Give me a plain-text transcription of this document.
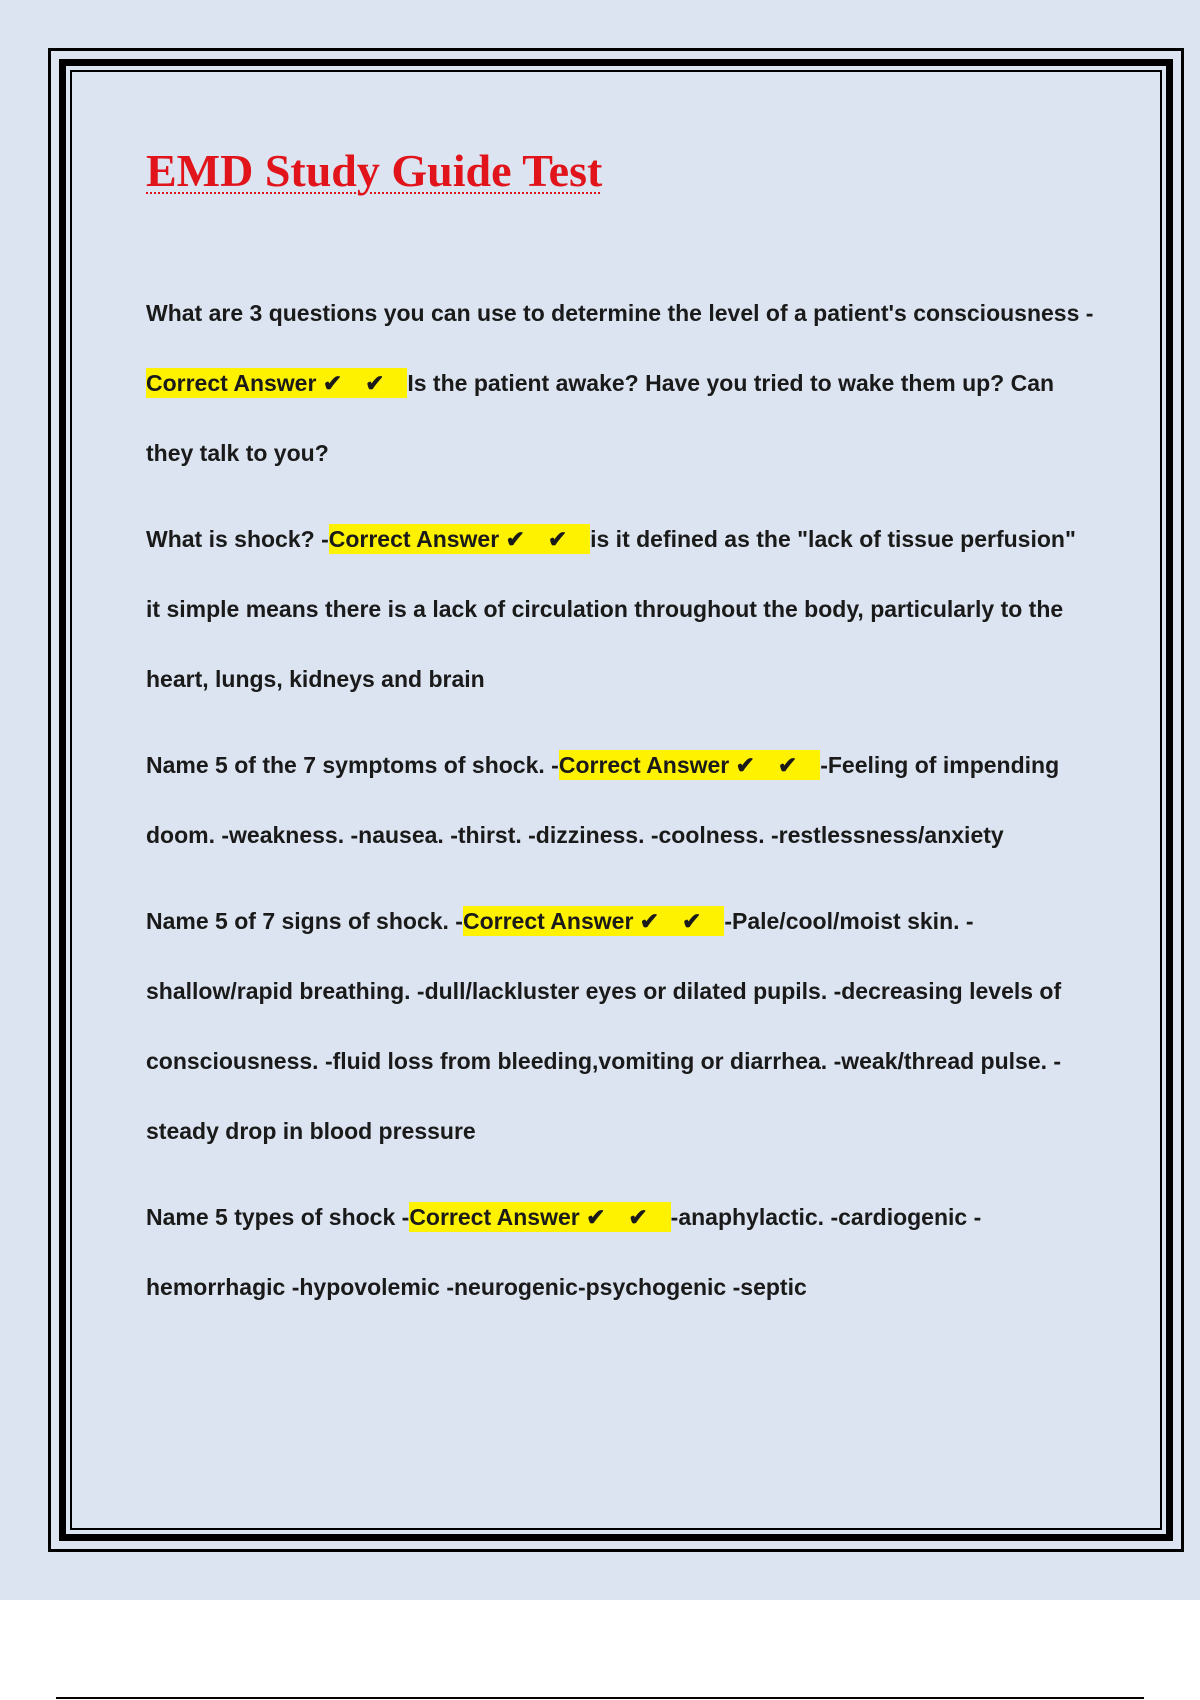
EMD Study Guide Test

What are 3 questions you can use to determine the level of a patient's consciousness -Correct Answer ✔ ✔ Is the patient awake? Have you tried to wake them up? Can they talk to you?

What is shock? -Correct Answer ✔ ✔ is it defined as the "lack of tissue perfusion" it simple means there is a lack of circulation throughout the body, particularly to the heart, lungs, kidneys and brain

Name 5 of the 7 symptoms of shock. -Correct Answer ✔ ✔ -Feeling of impending doom. -weakness. -nausea. -thirst. -dizziness. -coolness. -restlessness/anxiety

Name 5 of 7 signs of shock. -Correct Answer ✔ ✔ -Pale/cool/moist skin. -shallow/rapid breathing. -dull/lackluster eyes or dilated pupils. -decreasing levels of consciousness. -fluid loss from bleeding,vomiting or diarrhea. -weak/thread pulse. -steady drop in blood pressure

Name 5 types of shock -Correct Answer ✔ ✔ -anaphylactic. -cardiogenic -hemorrhagic -hypovolemic -neurogenic-psychogenic -septic
